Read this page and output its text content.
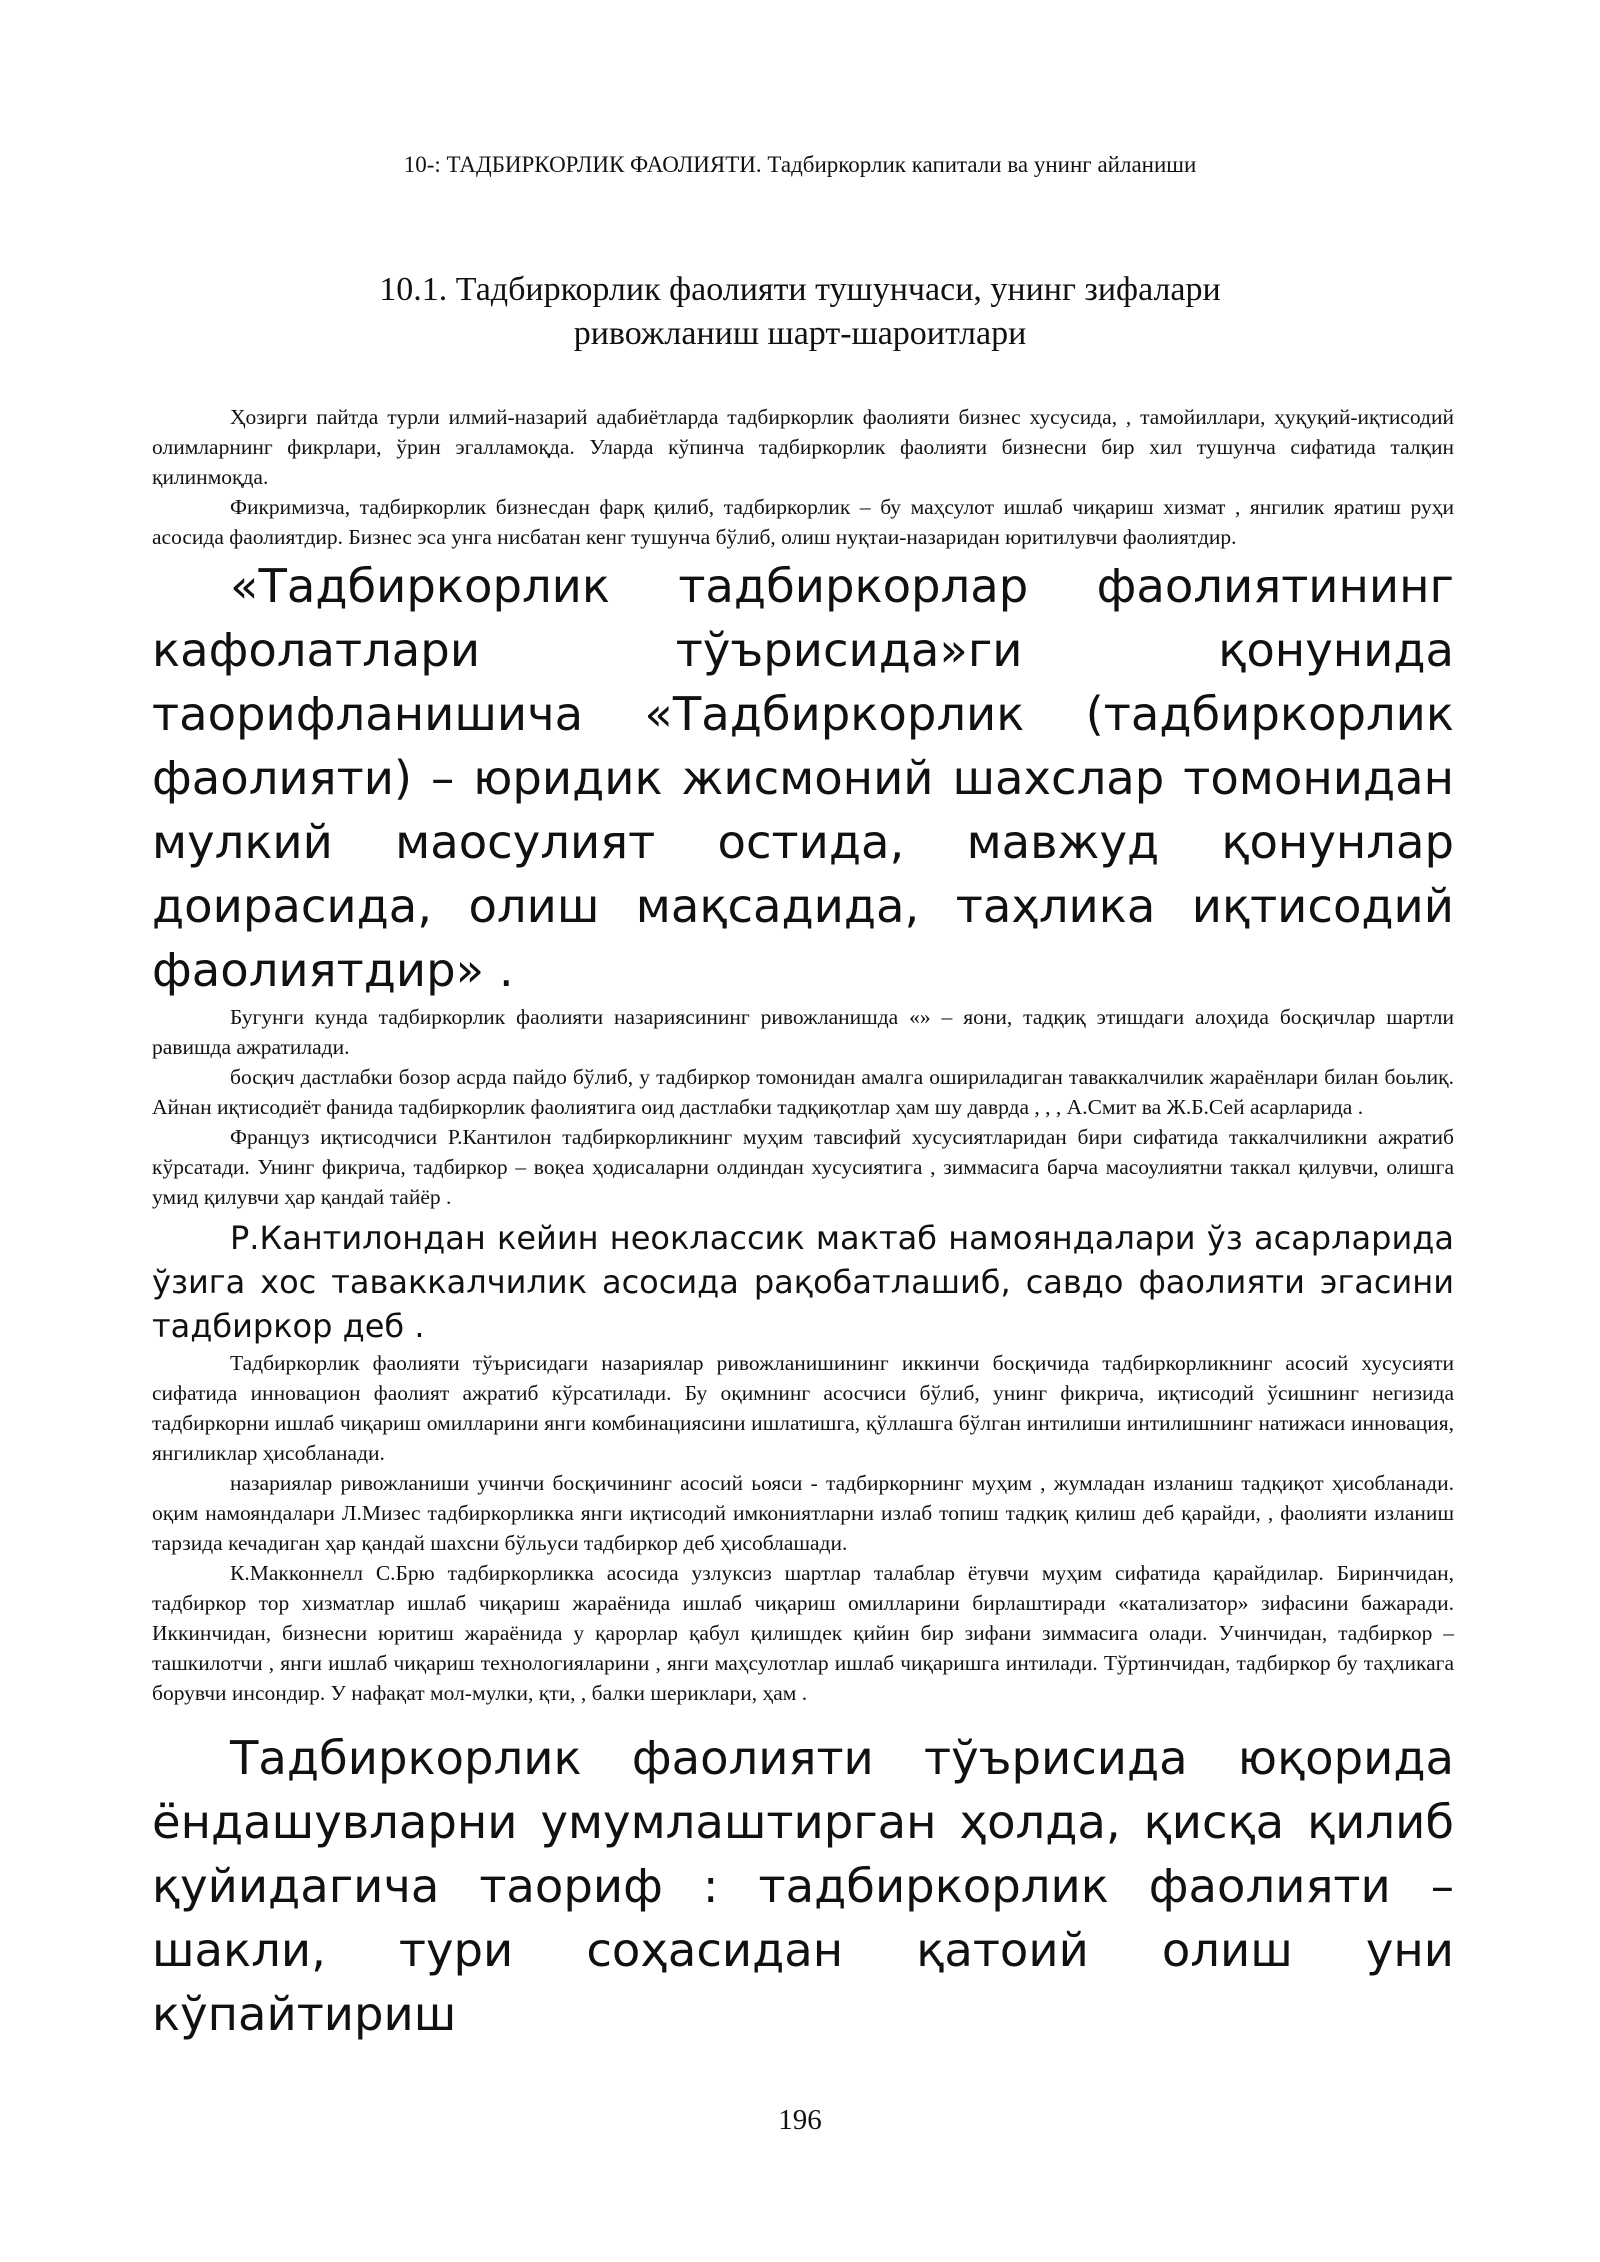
10-: ТАДБИРКОРЛИК ФАОЛИЯТИ. Тадбиркорлик капитали ва унинг айланиши
10.1. Тадбиркорлик фаолияти тушунчаси, унинг зифалари
ривожланиш шарт-шароитлари

Ҳозирги пайтда турли илмий-назарий адабиётларда тадбиркорлик фаолияти бизнес хусусида, , тамойиллари, ҳуқуқий-иқтисодий олимларнинг фикрлари, ўрин эгалламоқда. Уларда кўпинча тадбиркорлик фаолияти бизнесни бир хил тушунча сифатида талқин қилинмоқда.

Фикримизча, тадбиркорлик бизнесдан фарқ қилиб, тадбиркорлик – бу маҳсулот ишлаб чиқариш хизмат , янгилик яратиш руҳи асосида фаолиятдир. Бизнес эса унга нисбатан кенг тушунча бўлиб, олиш нуқтаи-назаридан юритилувчи фаолиятдир.

«Тадбиркорлик тадбиркорлар фаолиятининг кафолатлари тўърисида»ги қонунида таорифланишича «Тадбиркорлик (тадбиркорлик фаолияти) – юридик жисмоний шахслар томонидан мулкий маосулият остида, мавжуд қонунлар доирасида, олиш мақсадида, таҳлика иқтисодий фаолиятдир» .

Бугунги кунда тадбиркорлик фаолияти назариясининг ривожланишда «» – яони, тадқиқ этишдаги алоҳида босқичлар шартли равишда ажратилади.

босқич дастлабки бозор асрда пайдо бўлиб, у тадбиркор томонидан амалга ошириладиган таваккалчилик жараёнлари билан боьлиқ. Айнан иқтисодиёт фанида тадбиркорлик фаолиятига оид дастлабки тадқиқотлар ҳам шу даврда , , , А.Смит ва Ж.Б.Сей асарларида .

Француз иқтисодчиси Р.Кантилон тадбиркорликнинг муҳим тавсифий хусусиятларидан бири сифатида таккалчиликни ажратиб кўрсатади. Унинг фикрича, тадбиркор – воқеа ҳодисаларни олдиндан хусусиятига , зиммасига барча масоулиятни таккал қилувчи, олишга умид қилувчи ҳар қандай тайёр .

Р.Кантилондан кейин неоклассик мактаб намояндалари ўз асарларида ўзига хос таваккалчилик асосида рақобатлашиб, савдо фаолияти эгасини тадбиркор деб .

Тадбиркорлик фаолияти тўърисидаги назариялар ривожланишининг иккинчи босқичида тадбиркорликнинг асосий хусусияти сифатида инновацион фаолият ажратиб кўрсатилади. Бу оқимнинг асосчиси бўлиб, унинг фикрича, иқтисодий ўсишнинг негизида тадбиркорни ишлаб чиқариш омилларини янги комбинациясини ишлатишга, қўллашга бўлган интилиши интилишнинг натижаси инновация, янгиликлар ҳисобланади.

назариялар ривожланиши учинчи босқичининг асосий ьояси - тадбиркорнинг муҳим , жумладан изланиш тадқиқот ҳисобланади. оқим намояндалари Л.Мизес тадбиркорликка янги иқтисодий имкониятларни излаб топиш тадқиқ қилиш деб қарайди, , фаолияти изланиш тарзида кечадиган ҳар қандай шахсни бўльуси тадбиркор деб ҳисоблашади.

К.Макконнелл С.Брю тадбиркорликка асосида узлуксиз шартлар талаблар ётувчи муҳим сифатида қарайдилар. Биринчидан, тадбиркор тор хизматлар ишлаб чиқариш жараёнида ишлаб чиқариш омилларини бирлаштиради «катализатор» зифасини бажаради. Иккинчидан, бизнесни юритиш жараёнида у қарорлар қабул қилишдек қийин бир зифани зиммасига олади. Учинчидан, тадбиркор – ташкилотчи , янги ишлаб чиқариш технологияларини , янги маҳсулотлар ишлаб чиқаришга интилади. Тўртинчидан, тадбиркор бу таҳликага борувчи инсондир. У нафақат мол-мулки, қти, , балки шериклари, ҳам .

Тадбиркорлик фаолияти тўърисида юқорида ёндашувларни умумлаштирган ҳолда, қисқа қилиб қуйидагича таориф : тадбиркорлик фаолияти – шакли, тури соҳасидан қатоий олиш уни кўпайтириш

196
